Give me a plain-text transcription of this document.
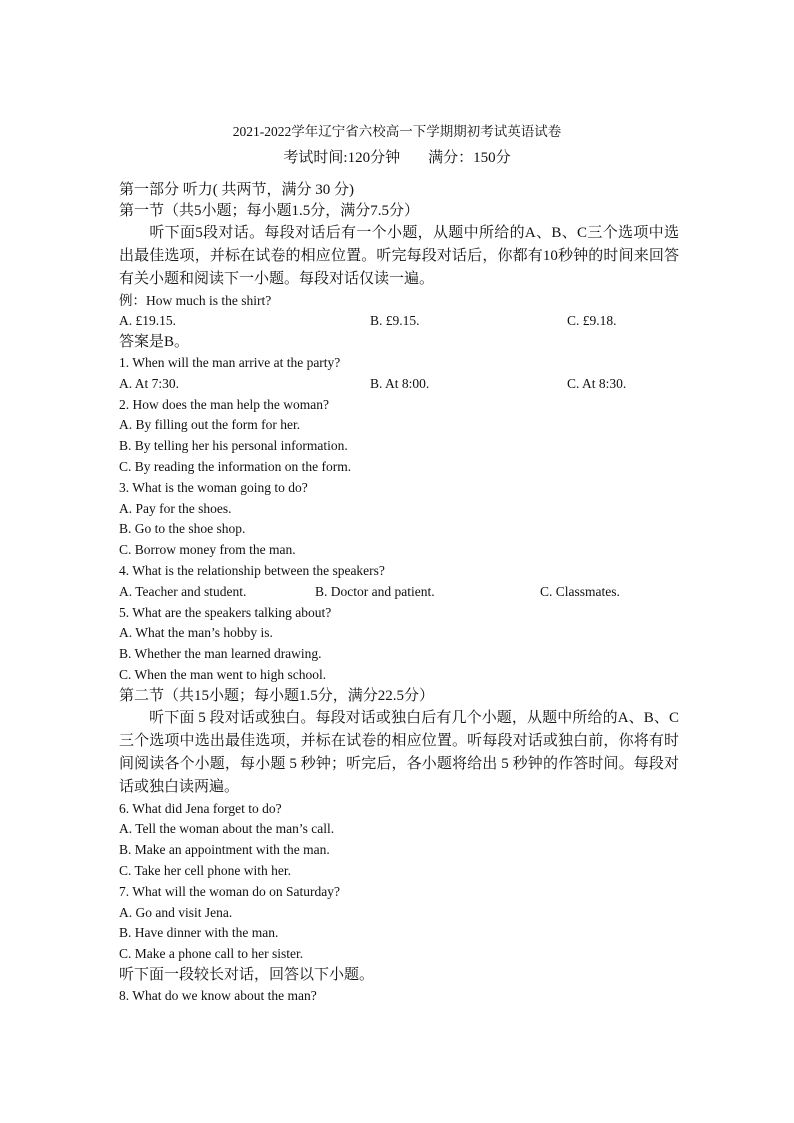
2021-2022学年辽宁省六校高一下学期期初考试英语试卷
考试时间:120分钟 满分：150分
第一部分 听力( 共两节，满分 30 分)
第一节（共5小题；每小题1.5分，满分7.5分）
听下面5段对话。每段对话后有一个小题，从题中所给的A、B、C三个选项中选出最佳选项，并标在试卷的相应位置。听完每段对话后，你都有10秒钟的时间来回答有关小题和阅读下一小题。每段对话仅读一遍。
例：How much is the shirt?
A. £19.15.	B. £9.15.	C. £9.18.
答案是B。
1. When will the man arrive at the party?
A. At 7:30.	B. At 8:00.	C. At 8:30.
2. How does the man help the woman?
A. By filling out the form for her.
B. By telling her his personal information.
C. By reading the information on the form.
3. What is the woman going to do?
A. Pay for the shoes.
B. Go to the shoe shop.
C. Borrow money from the man.
4. What is the relationship between the speakers?
A. Teacher and student.	B. Doctor and patient.	C. Classmates.
5. What are the speakers talking about?
A. What the man’s hobby is.
B. Whether the man learned drawing.
C. When the man went to high school.
第二节（共15小题；每小题1.5分，满分22.5分）
听下面 5 段对话或独白。每段对话或独白后有几个小题，从题中所给的A、B、C三个选项中选出最佳选项，并标在试卷的相应位置。听每段对话或独白前，你将有时间阅读各个小题，每小题 5 秒钟；听完后，各小题将给出 5 秒钟的作答时间。每段对话或独白读两遍。
6. What did Jena forget to do?
A. Tell the woman about the man’s call.
B. Make an appointment with the man.
C. Take her cell phone with her.
7. What will the woman do on Saturday?
A. Go and visit Jena.
B. Have dinner with the man.
C. Make a phone call to her sister.
听下面一段较长对话，回答以下小题。
8. What do we know about the man?
